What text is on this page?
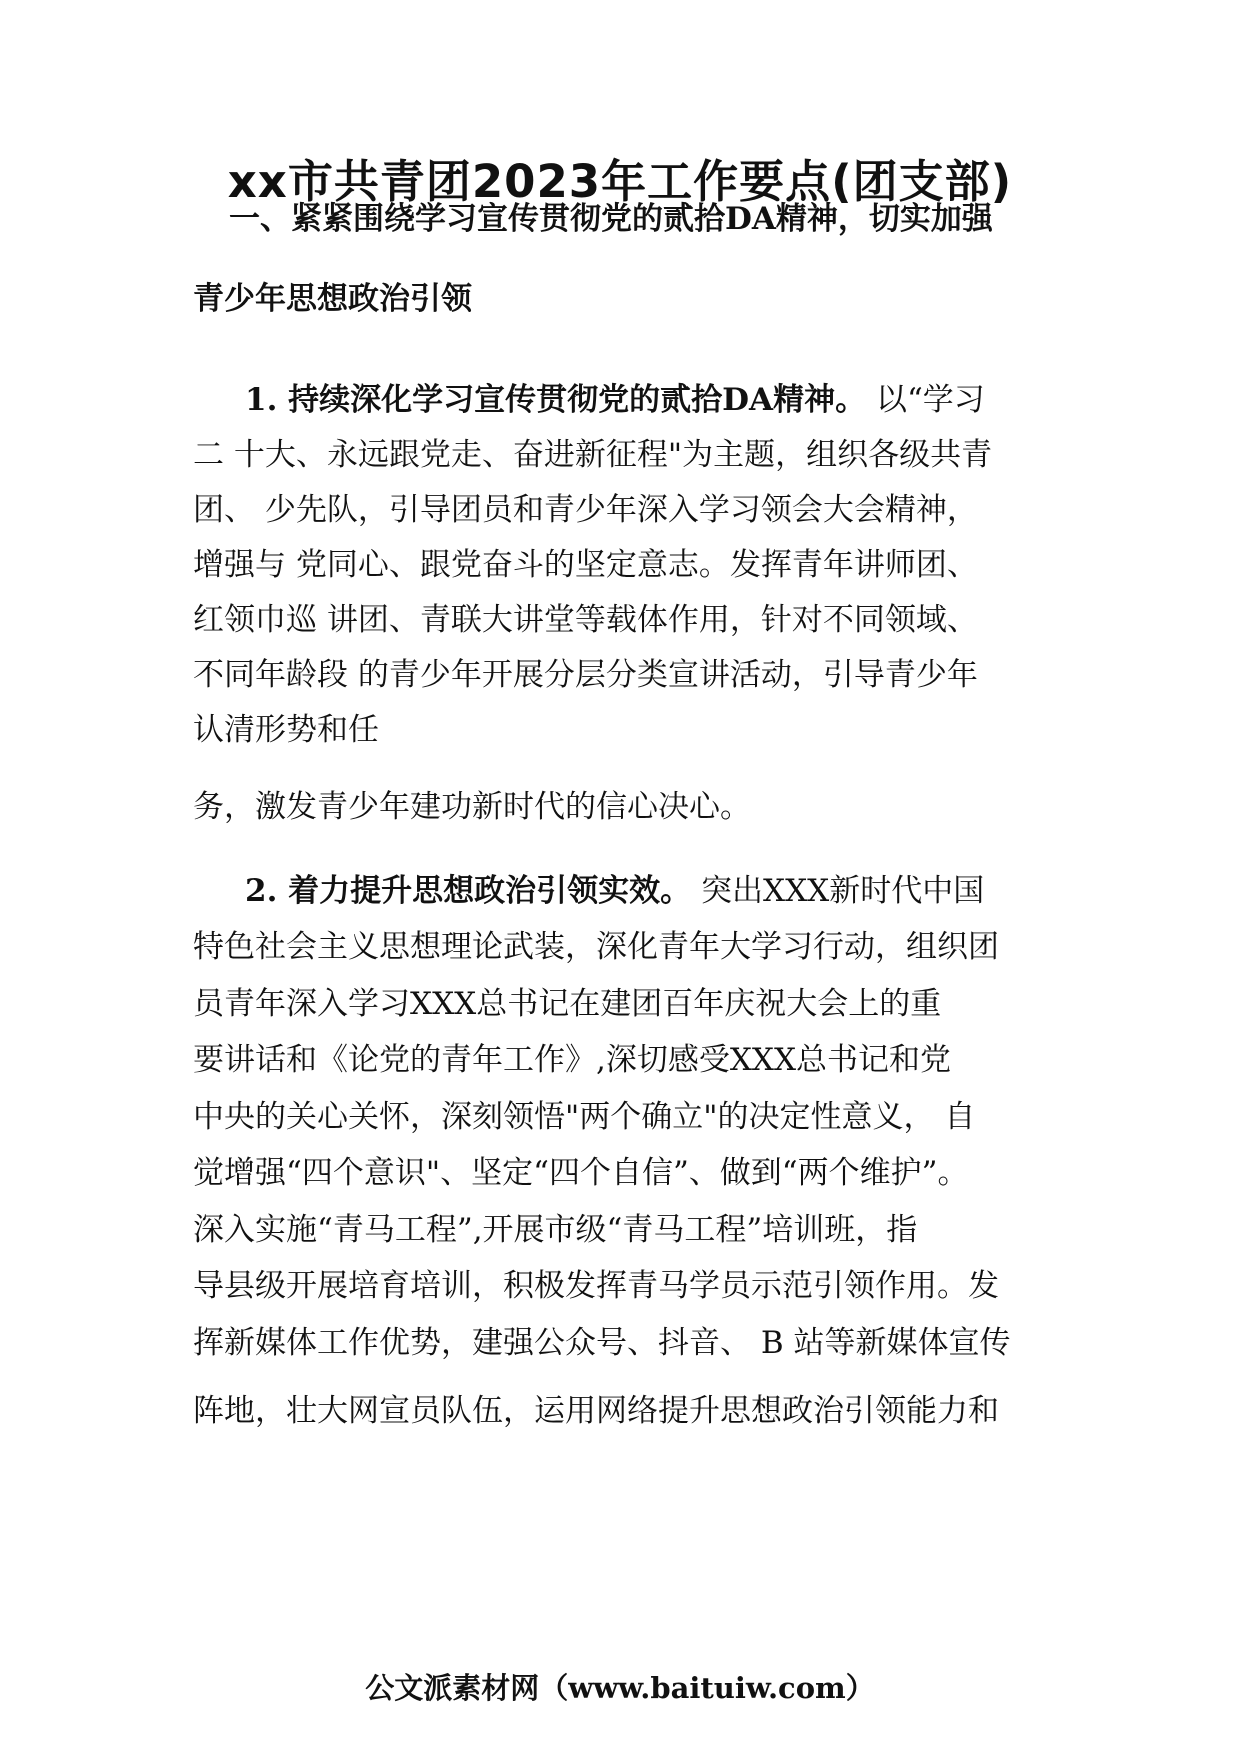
xx市共青团2023年工作要点(团支部)
一、紧紧围绕学习宣传贯彻党的贰拾DA精神，切实加强
青少年思想政治引领
1. 持续深化学习宣传贯彻党的贰拾DA精神。 以“学习
二 十大、永远跟党走、奋进新征程"为主题，组织各级共青
团、 少先队，引导团员和青少年深入学习领会大会精神，
增强与 党同心、跟党奋斗的坚定意志。发挥青年讲师团、
红领巾巡 讲团、青联大讲堂等载体作用，针对不同领域、
不同年龄段 的青少年开展分层分类宣讲活动，引导青少年
认清形势和任
务，激发青少年建功新时代的信心决心。
2. 着力提升思想政治引领实效。 突出XXX新时代中国
特色社会主义思想理论武装，深化青年大学习行动，组织团
员青年深入学习XXX总书记在建团百年庆祝大会上的重
要讲话和《论党的青年工作》,深切感受XXX总书记和党
中央的关心关怀，深刻领悟"两个确立"的决定性意义， 自
觉增强“四个意识"、坚定“四个自信”、做到“两个维护”。
深入实施“青马工程”,开展市级“青马工程”培训班，指
导县级开展培育培训，积极发挥青马学员示范引领作用。发
挥新媒体工作优势，建强公众号、抖音、 B 站等新媒体宣传
阵地，壮大网宣员队伍，运用网络提升思想政治引领能力和
公文派素材网（www.baituiw.com）
